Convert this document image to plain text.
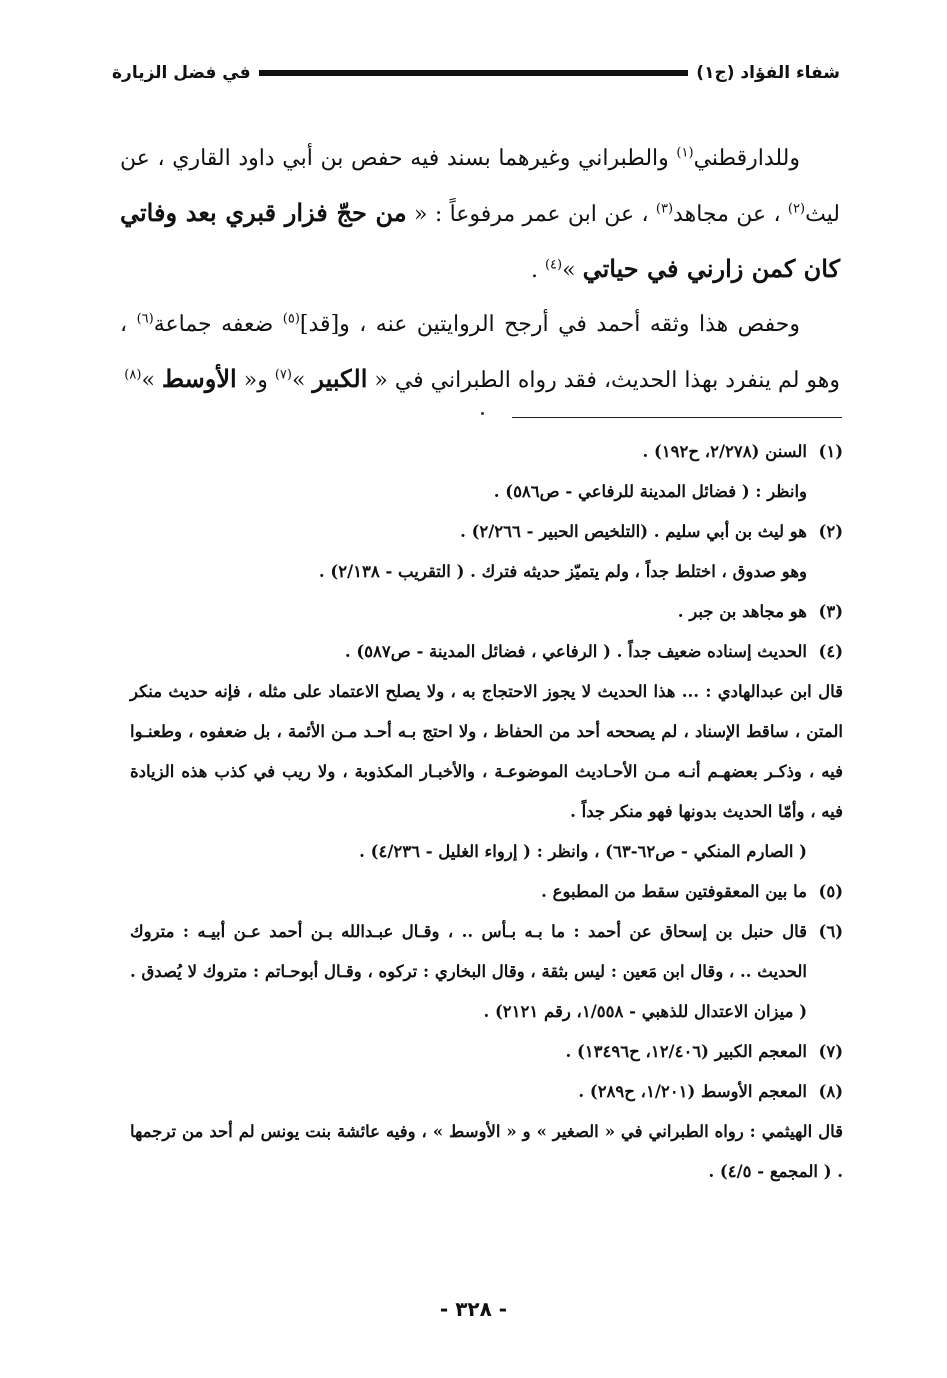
شفاء الفؤاد (ج١)
في فضل الزيارة

وللدارقطني$^{(١)}$ والطبراني وغيرهما بسند فيه حفص بن أبي داود القاري ، عن ليث$^{(٢)}$ ، عن مجاهد$^{(٣)}$ ، عن ابن عمر مرفوعاً : « من حجّ فزار قبري بعد وفاتي كان كمن زارني في حياتي »$^{(٤)}$ .

وحفص هذا وثقه أحمد في أرجح الروايتين عنه ، و[قد]$^{(٥)}$ ضعفه جماعة$^{(٦)}$ ، وهو لم ينفرد بهذا الحديث، فقد رواه الطبراني في « الكبير »$^{(٧)}$ و« الأوسط »$^{(٨)}$

(١)
السنن (٢/٢٧٨، ح١٩٢) .
وانظر : ( فضائل المدينة للرفاعي - ص٥٨٦) .
(٢)
هو ليث بن أبي سليم . (التلخيص الحبير - ٢/٢٦٦) .
وهو صدوق ، اختلط جداً ، ولم يتميّز حديثه فترك . ( التقريب - ٢/١٣٨) .
(٣)
هو مجاهد بن جبر .
(٤)
الحديث إسناده ضعيف جداً . ( الرفاعي ، فضائل المدينة - ص٥٨٧) .
قال ابن عبدالهادي : ... هذا الحديث لا يجوز الاحتجاج به ، ولا يصلح الاعتماد على مثله ، فإنه حديث منكر المتن ، ساقط الإسناد ، لم يصححه أحد من الحفاظ ، ولا احتج بـه أحـد مـن الأئمة ، بل ضعفوه ، وطعنـوا فيه ، وذكـر بعضهـم أنـه مـن الأحـاديث الموضوعـة ، والأخبـار المكذوبة ، ولا ريب في كذب هذه الزيادة فيه ، وأمّا الحديث بدونها فهو منكر جداً .
( الصارم المنكي - ص٦٢-٦٣) ، وانظر : ( إرواء الغليل - ٤/٢٣٦) .
(٥)
ما بين المعقوفتين سقط من المطبوع .
(٦)
قال حنبل بن إسحاق عن أحمد : ما بـه بـأس .. ، وقـال عبـدالله بـن أحمد عـن أبيـه : متروك الحديث .. ، وقال ابن مَعين : ليس بثقة ، وقال البخاري : تركوه ، وقـال أبوحـاتم : متروك لا يُصدق . ( ميزان الاعتدال للذهبي - ١/٥٥٨، رقم ٢١٢١) .
(٧)
المعجم الكبير (١٢/٤٠٦، ح١٣٤٩٦) .
(٨)
المعجم الأوسط (١/٢٠١، ح٢٨٩) .
قال الهيثمي : رواه الطبراني في « الصغير » و « الأوسط » ، وفيه عائشة بنت يونس لم أحد من ترجمها . ( المجمع - ٤/٥) .
- ٣٢٨ -
